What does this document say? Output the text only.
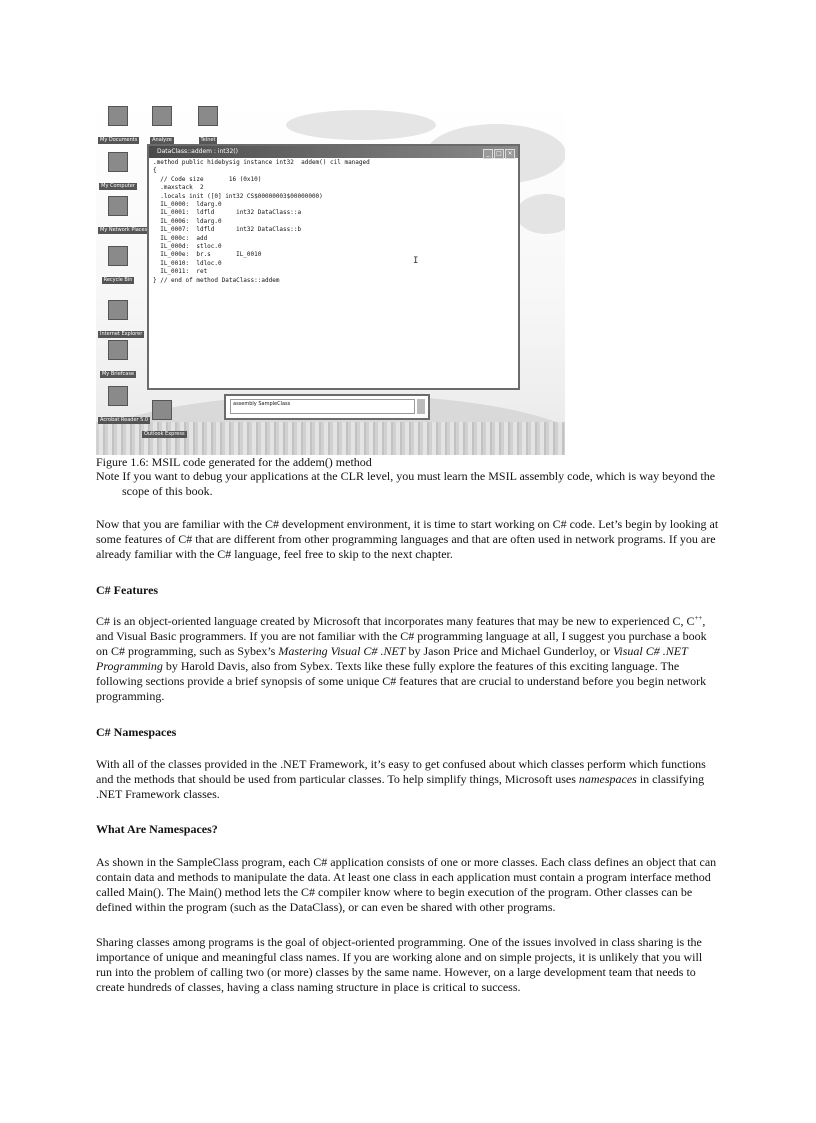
My Documents	Analyze	Telnet
My Computer
My Network Places
Recycle Bin
Internet Explorer
My Briefcase
Acrobat Reader 5.0
Outlook Express
DataClass::addem : int32()	_ □ ×
.method public hidebysig instance int32  addem() cil managed
{
// Code size       16 (0x10)
.maxstack  2
.locals init ([0] int32 CS$00000003$00000000)
IL_0000:  ldarg.0
IL_0001:  ldfld      int32 DataClass::a
IL_0006:  ldarg.0
IL_0007:  ldfld      int32 DataClass::b
IL_000c:  add
IL_000d:  stloc.0
IL_000e:  br.s       IL_0010
IL_0010:  ldloc.0
IL_0011:  ret
} // end of method DataClass::addem
I
assembly SampleClass
Figure 1.6: MSIL code generated for the addem() method
Note If you want to debug your applications at the CLR level, you must learn the MSIL assembly code, which is way beyond the scope of this book.

Now that you are familiar with the C# development environment, it is time to start working on C# code. Let’s begin by looking at some features of C# that are different from other programming languages and that are often used in network programs. If you are already familiar with the C# language, feel free to skip to the next chapter.

C# Features

C# is an object-oriented language created by Microsoft that incorporates many features that may be new to experienced C, C++, and Visual Basic programmers. If you are not familiar with the C# programming language at all, I suggest you purchase a book on C# programming, such as Sybex’s Mastering Visual C# .NET by Jason Price and Michael Gunderloy, or Visual C# .NET Programming by Harold Davis, also from Sybex. Texts like these fully explore the features of this exciting language. The following sections provide a brief synopsis of some unique C# features that are crucial to understand before you begin network programming.

C# Namespaces

With all of the classes provided in the .NET Framework, it’s easy to get confused about which classes perform which functions and the methods that should be used from particular classes. To help simplify things, Microsoft uses namespaces in classifying .NET Framework classes.

What Are Namespaces?

As shown in the SampleClass program, each C# application consists of one or more classes. Each class defines an object that can contain data and methods to manipulate the data. At least one class in each application must contain a program interface method called Main(). The Main() method lets the C# compiler know where to begin execution of the program. Other classes can be defined within the program (such as the DataClass), or can even be shared with other programs.

Sharing classes among programs is the goal of object-oriented programming. One of the issues involved in class sharing is the importance of unique and meaningful class names. If you are working alone and on simple projects, it is unlikely that you will run into the problem of calling two (or more) classes by the same name. However, on a large development team that needs to create hundreds of classes, having a class naming structure in place is critical to success.
